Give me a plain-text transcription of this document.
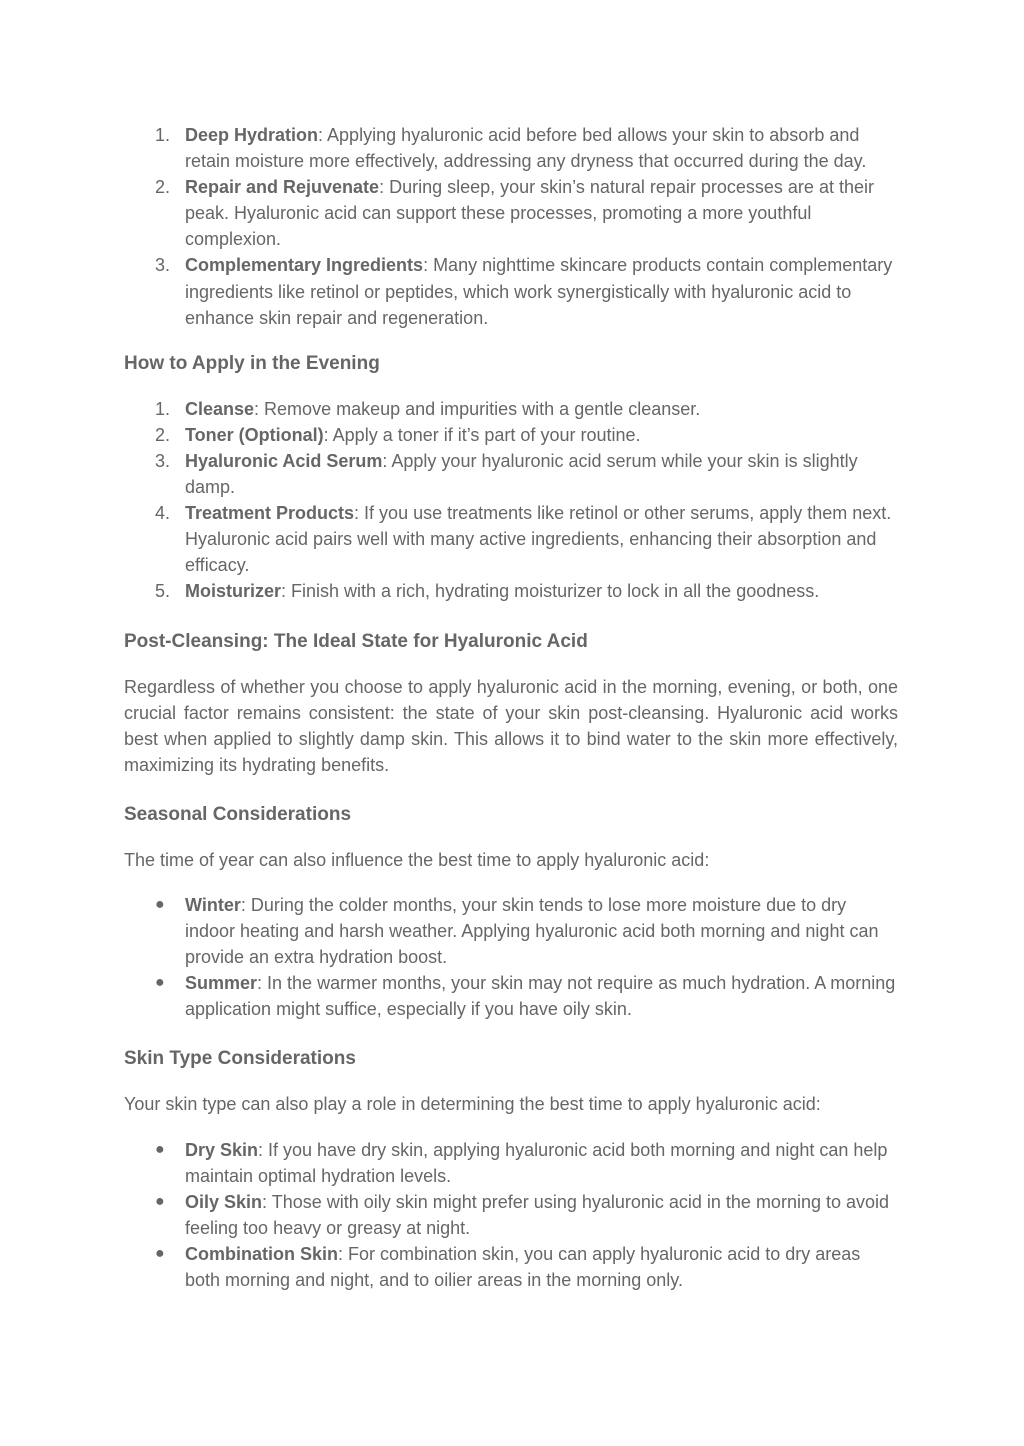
1. Deep Hydration: Applying hyaluronic acid before bed allows your skin to absorb and retain moisture more effectively, addressing any dryness that occurred during the day.
2. Repair and Rejuvenate: During sleep, your skin’s natural repair processes are at their peak. Hyaluronic acid can support these processes, promoting a more youthful complexion.
3. Complementary Ingredients: Many nighttime skincare products contain complementary ingredients like retinol or peptides, which work synergistically with hyaluronic acid to enhance skin repair and regeneration.
How to Apply in the Evening
1. Cleanse: Remove makeup and impurities with a gentle cleanser.
2. Toner (Optional): Apply a toner if it’s part of your routine.
3. Hyaluronic Acid Serum: Apply your hyaluronic acid serum while your skin is slightly damp.
4. Treatment Products: If you use treatments like retinol or other serums, apply them next. Hyaluronic acid pairs well with many active ingredients, enhancing their absorption and efficacy.
5. Moisturizer: Finish with a rich, hydrating moisturizer to lock in all the goodness.
Post-Cleansing: The Ideal State for Hyaluronic Acid

Regardless of whether you choose to apply hyaluronic acid in the morning, evening, or both, one crucial factor remains consistent: the state of your skin post-cleansing. Hyaluronic acid works best when applied to slightly damp skin. This allows it to bind water to the skin more effectively, maximizing its hydrating benefits.

Seasonal Considerations

The time of year can also influence the best time to apply hyaluronic acid:

● Winter: During the colder months, your skin tends to lose more moisture due to dry indoor heating and harsh weather. Applying hyaluronic acid both morning and night can provide an extra hydration boost.
● Summer: In the warmer months, your skin may not require as much hydration. A morning application might suffice, especially if you have oily skin.
Skin Type Considerations

Your skin type can also play a role in determining the best time to apply hyaluronic acid:

● Dry Skin: If you have dry skin, applying hyaluronic acid both morning and night can help maintain optimal hydration levels.
● Oily Skin: Those with oily skin might prefer using hyaluronic acid in the morning to avoid feeling too heavy or greasy at night.
● Combination Skin: For combination skin, you can apply hyaluronic acid to dry areas both morning and night, and to oilier areas in the morning only.
